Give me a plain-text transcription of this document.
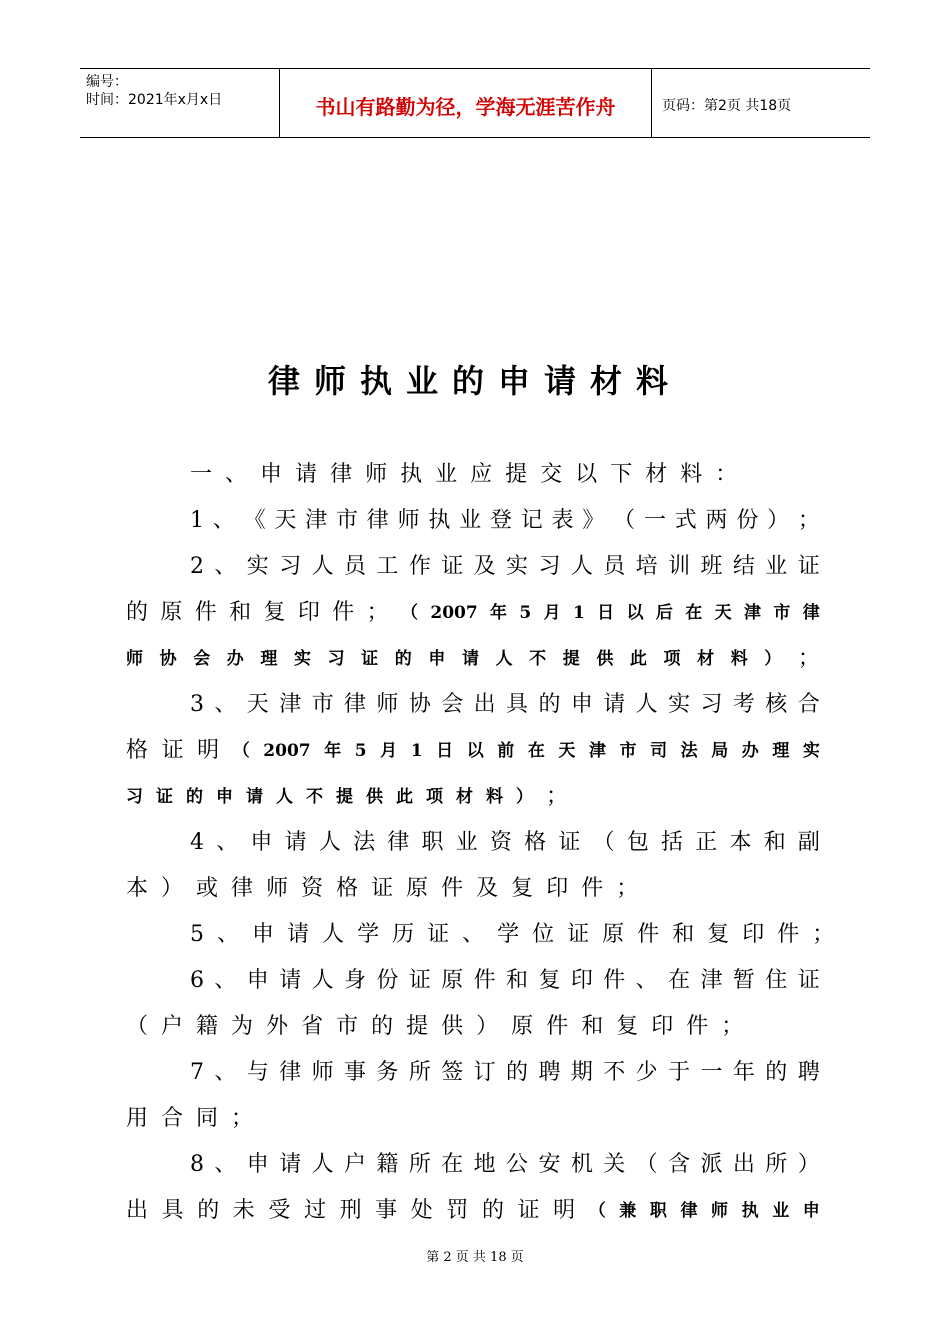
编号：
时间：2021年x月x日	书山有路勤为径，学海无涯苦作舟	页码：第2页 共18页
律师执业的申请材料
一 、 申 请 律 师 执 业 应 提 交 以 下 材 料 ：
1 、 《 天 津 市 律 师 执 业 登 记 表 》 （ 一 式 两 份 ） ；
2 、 实 习 人 员 工 作 证 及 实 习 人 员 培 训 班 结 业 证
的 原 件 和 复 印 件 ； （ 2007 年 5 月 1 日 以 后 在 天 津 市 律
师 协 会 办 理 实 习 证 的 申 请 人 不 提 供 此 项 材 料 ） ；
3 、 天 津 市 律 师 协 会 出 具 的 申 请 人 实 习 考 核 合
格 证 明 （ 2007 年 5 月 1 日 以 前 在 天 津 市 司 法 局 办 理 实
习 证 的 申 请 人 不 提 供 此 项 材 料 ） ；
4 、 申 请 人 法 律 职 业 资 格 证 （ 包 括 正 本 和 副
本 ） 或 律 师 资 格 证 原 件 及 复 印 件 ；
5 、 申 请 人 学 历 证 、 学 位 证 原 件 和 复 印 件 ；
6 、 申 请 人 身 份 证 原 件 和 复 印 件 、 在 津 暂 住 证
（ 户 籍 为 外 省 市 的 提 供 ） 原 件 和 复 印 件 ；
7 、 与 律 师 事 务 所 签 订 的 聘 期 不 少 于 一 年 的 聘
用 合 同 ；
8 、 申 请 人 户 籍 所 在 地 公 安 机 关 （ 含 派 出 所 ）
出 具 的 未 受 过 刑 事 处 罚 的 证 明 （ 兼 职 律 师 执 业 申
第 2 页 共 18 页
